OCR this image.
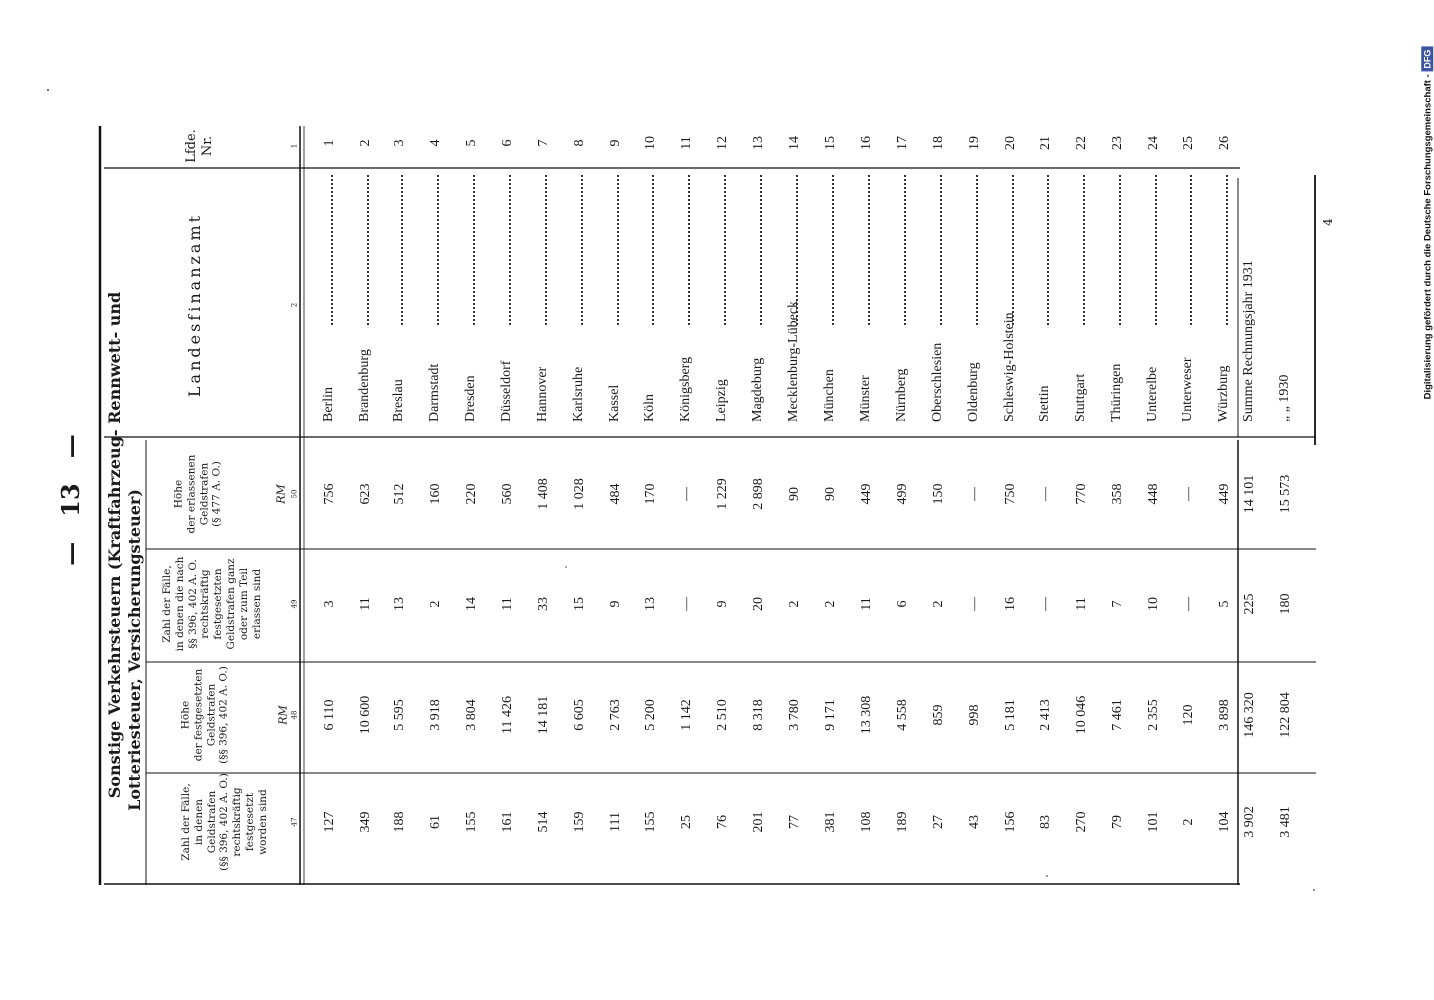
—   13   — Sonstige Verkehrsteuern (Kraftfahrzeug- Rennwett- und Lotteriesteuer, Versicherungsteuer)
Zahl der Fälle,
in denen
Geldstrafen
(§§ 396, 402 A. O.)
rechtskräftig
festgesetzt
worden sind
Höhe
der festgesetzten
Geldstrafen
(§§ 396, 402 A. O.)
RM
Zahl der Fälle,
in denen die nach
§§ 396, 402 A. O.
rechtskräftig
festgesetzten
Geldstrafen ganz
oder zum Teil
erlassen sind
Höhe
der erlassenen
Geldstrafen
(§ 477 A. O.)
RM
Landesfinanzamt
Lfde.
Nr.
47
48
49
50
2
1 1
Berlin
127
6 110
3
756
2
Brandenburg
349
10 600
11
623
3
Breslau
188
5 595
13
512
4
Darmstadt
61
3 918
2
160
5
Dresden
155
3 804
14
220
6
Düsseldorf
161
11 426
11
560
7
Hannover
514
14 181
33
1 408
8
Karlsruhe
159
6 605
15
1 028
9
Kassel
111
2 763
9
484
10
Köln
155
5 200
13
170
11
Königsberg
25
1 142
—
—
12
Leipzig
76
2 510
9
1 229
13
Magdeburg
201
8 318
20
2 898
14
Mecklenburg-Lübeck
77
3 780
2
90
15
München
381
9 171
2
90
16
Münster
108
13 308
11
449
17
Nürnberg
189
4 558
6
499
18
Oberschlesien
27
859
2
150
19
Oldenburg
43
998
—
—
20
Schleswig-Holstein
156
5 181
16
750
21
Stettin
83
2 413
—
—
22
Stuttgart
270
10 046
11
770
23
Thüringen
79
7 461
7
358
24
Unterelbe
101
2 355
10
448
25
Unterweser
2
120
—
—
26
Würzburg
104
3 898
5
449
Summe Rechnungsjahr 1931
3 902
146 320
225
14 101
„ „ 1930
3 481
122 804
180
15 573
4	Digitalisierung gefördert durch die Deutsche Forschungsgemeinschaft - DFG
